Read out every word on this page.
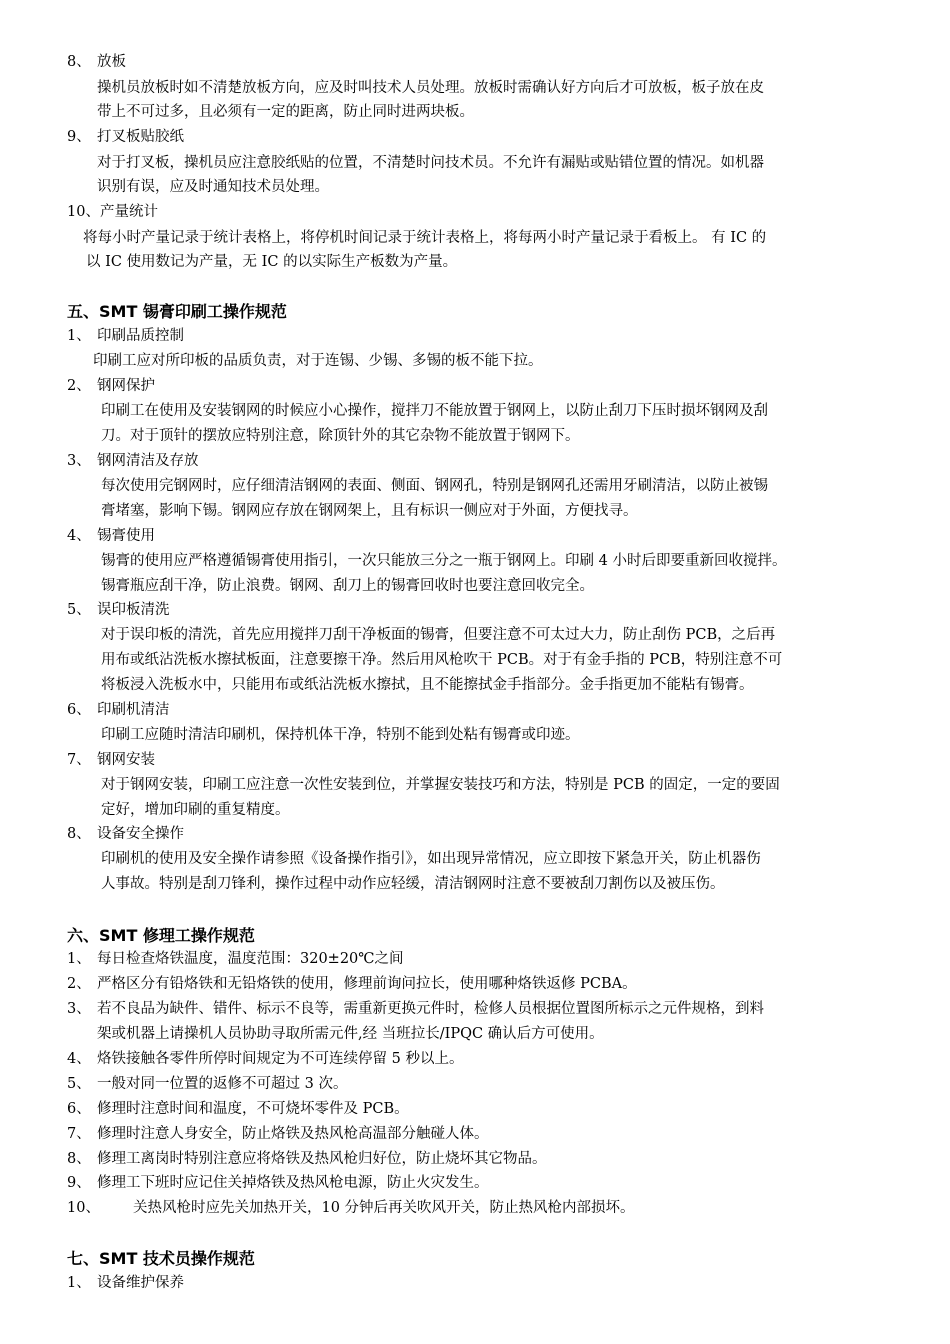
8、 放板
操机员放板时如不清楚放板方向，应及时叫技术人员处理。放板时需确认好方向后才可放板，板子放在皮
带上不可过多，且必须有一定的距离，防止同时进两块板。
9、 打叉板贴胶纸
对于打叉板，操机员应注意胶纸贴的位置，不清楚时问技术员。不允许有漏贴或贴错位置的情况。如机器
识别有误，应及时通知技术员处理。
10、产量统计
将每小时产量记录于统计表格上，将停机时间记录于统计表格上，将每两小时产量记录于看板上。 有 IC 的
以 IC 使用数记为产量，无 IC 的以实际生产板数为产量。
五、SMT 锡膏印刷工操作规范
1、 印刷品质控制
印刷工应对所印板的品质负责，对于连锡、少锡、多锡的板不能下拉。
2、 钢网保护
印刷工在使用及安装钢网的时候应小心操作，搅拌刀不能放置于钢网上，以防止刮刀下压时损坏钢网及刮
刀。对于顶针的摆放应特别注意，除顶针外的其它杂物不能放置于钢网下。
3、 钢网清洁及存放
每次使用完钢网时，应仔细清洁钢网的表面、侧面、钢网孔，特别是钢网孔还需用牙刷清洁，以防止被锡
膏堵塞，影响下锡。钢网应存放在钢网架上，且有标识一侧应对于外面，方便找寻。
4、 锡膏使用
锡膏的使用应严格遵循锡膏使用指引，一次只能放三分之一瓶于钢网上。印刷 4 小时后即要重新回收搅拌。
锡膏瓶应刮干净，防止浪费。钢网、刮刀上的锡膏回收时也要注意回收完全。
5、 误印板清洗
对于误印板的清洗，首先应用搅拌刀刮干净板面的锡膏，但要注意不可太过大力，防止刮伤 PCB，之后再
用布或纸沾洗板水擦拭板面，注意要擦干净。然后用风枪吹干 PCB。对于有金手指的 PCB，特别注意不可
将板浸入洗板水中，只能用布或纸沾洗板水擦拭，且不能擦拭金手指部分。金手指更加不能粘有锡膏。
6、 印刷机清洁
印刷工应随时清洁印刷机，保持机体干净，特别不能到处粘有锡膏或印迹。
7、 钢网安装
对于钢网安装，印刷工应注意一次性安装到位，并掌握安装技巧和方法，特别是 PCB 的固定，一定的要固
定好，增加印刷的重复精度。
8、 设备安全操作
印刷机的使用及安全操作请参照《设备操作指引》，如出现异常情况，应立即按下紧急开关，防止机器伤
人事故。特别是刮刀锋利，操作过程中动作应轻缓，清洁钢网时注意不要被刮刀割伤以及被压伤。
六、SMT 修理工操作规范
1、 每日检查烙铁温度，温度范围：320±20℃之间
2、 严格区分有铅烙铁和无铅烙铁的使用，修理前询问拉长，使用哪种烙铁返修 PCBA。
3、 若不良品为缺件、错件、标示不良等，需重新更换元件时，检修人员根据位置图所标示之元件规格，到料
架或机器上请操机人员协助寻取所需元件,经 当班拉长/IPQC 确认后方可使用。
4、 烙铁接触各零件所停时间规定为不可连续停留 5 秒以上。
5、 一般对同一位置的返修不可超过 3 次。
6、 修理时注意时间和温度，不可烧坏零件及 PCB。
7、 修理时注意人身安全，防止烙铁及热风枪高温部分触碰人体。
8、 修理工离岗时特别注意应将烙铁及热风枪归好位，防止烧坏其它物品。
9、 修理工下班时应记住关掉烙铁及热风枪电源，防止火灾发生。
10、 关热风枪时应先关加热开关，10 分钟后再关吹风开关，防止热风枪内部损坏。
七、SMT 技术员操作规范
1、 设备维护保养
